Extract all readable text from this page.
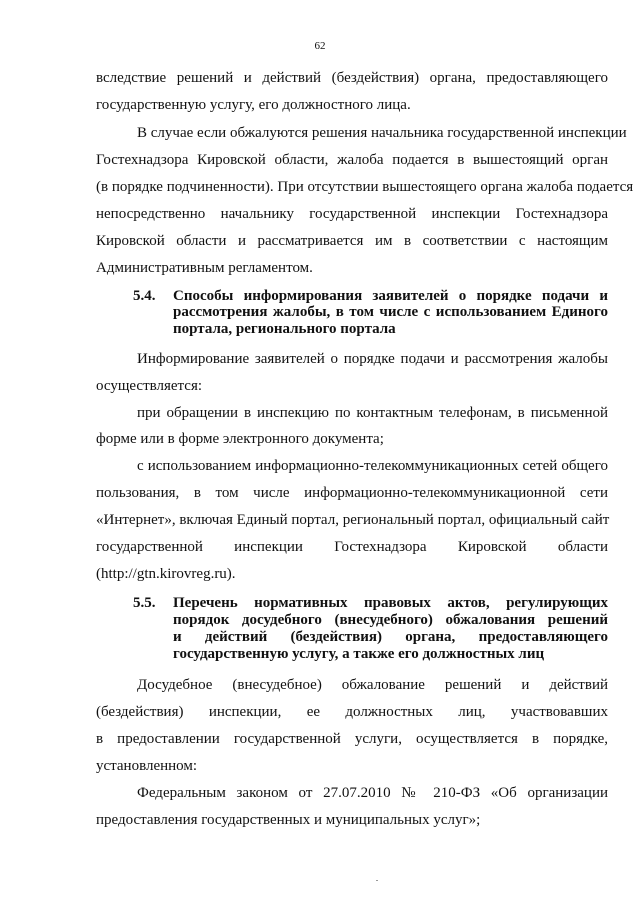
62
вследствие решений и действий (бездействия) органа, предоставляющего
государственную услугу, его должностного лица.
В случае если обжалуются решения начальника государственной инспекции
Гостехнадзора Кировской области, жалоба подается в вышестоящий орган
(в порядке подчиненности). При отсутствии вышестоящего органа жалоба подается
непосредственно начальнику государственной инспекции Гостехнадзора
Кировской области и рассматривается им в соответствии с настоящим
Административным регламентом.
5.4. Способы информирования заявителей о порядке подачи и
рассмотрения жалобы, в том числе с использованием Единого
портала, регионального портала
Информирование заявителей о порядке подачи и рассмотрения жалобы
осуществляется:
при обращении в инспекцию по контактным телефонам, в письменной
форме или в форме электронного документа;
с использованием информационно-телекоммуникационных сетей общего
пользования, в том числе информационно-телекоммуникационной сети
«Интернет», включая Единый портал, региональный портал, официальный сайт
государственной инспекции Гостехнадзора Кировской области
(http://gtn.kirovreg.ru).
5.5. Перечень нормативных правовых актов, регулирующих
порядок досудебного (внесудебного) обжалования решений
и действий (бездействия) органа, предоставляющего
государственную услугу, а также его должностных лиц
Досудебное (внесудебное) обжалование решений и действий
(бездействия) инспекции, ее должностных лиц, участвовавших
в предоставлении государственной услуги, осуществляется в порядке,
установленном:
Федеральным законом от 27.07.2010 № 210-ФЗ «Об организации
предоставления государственных и муниципальных услуг»;
